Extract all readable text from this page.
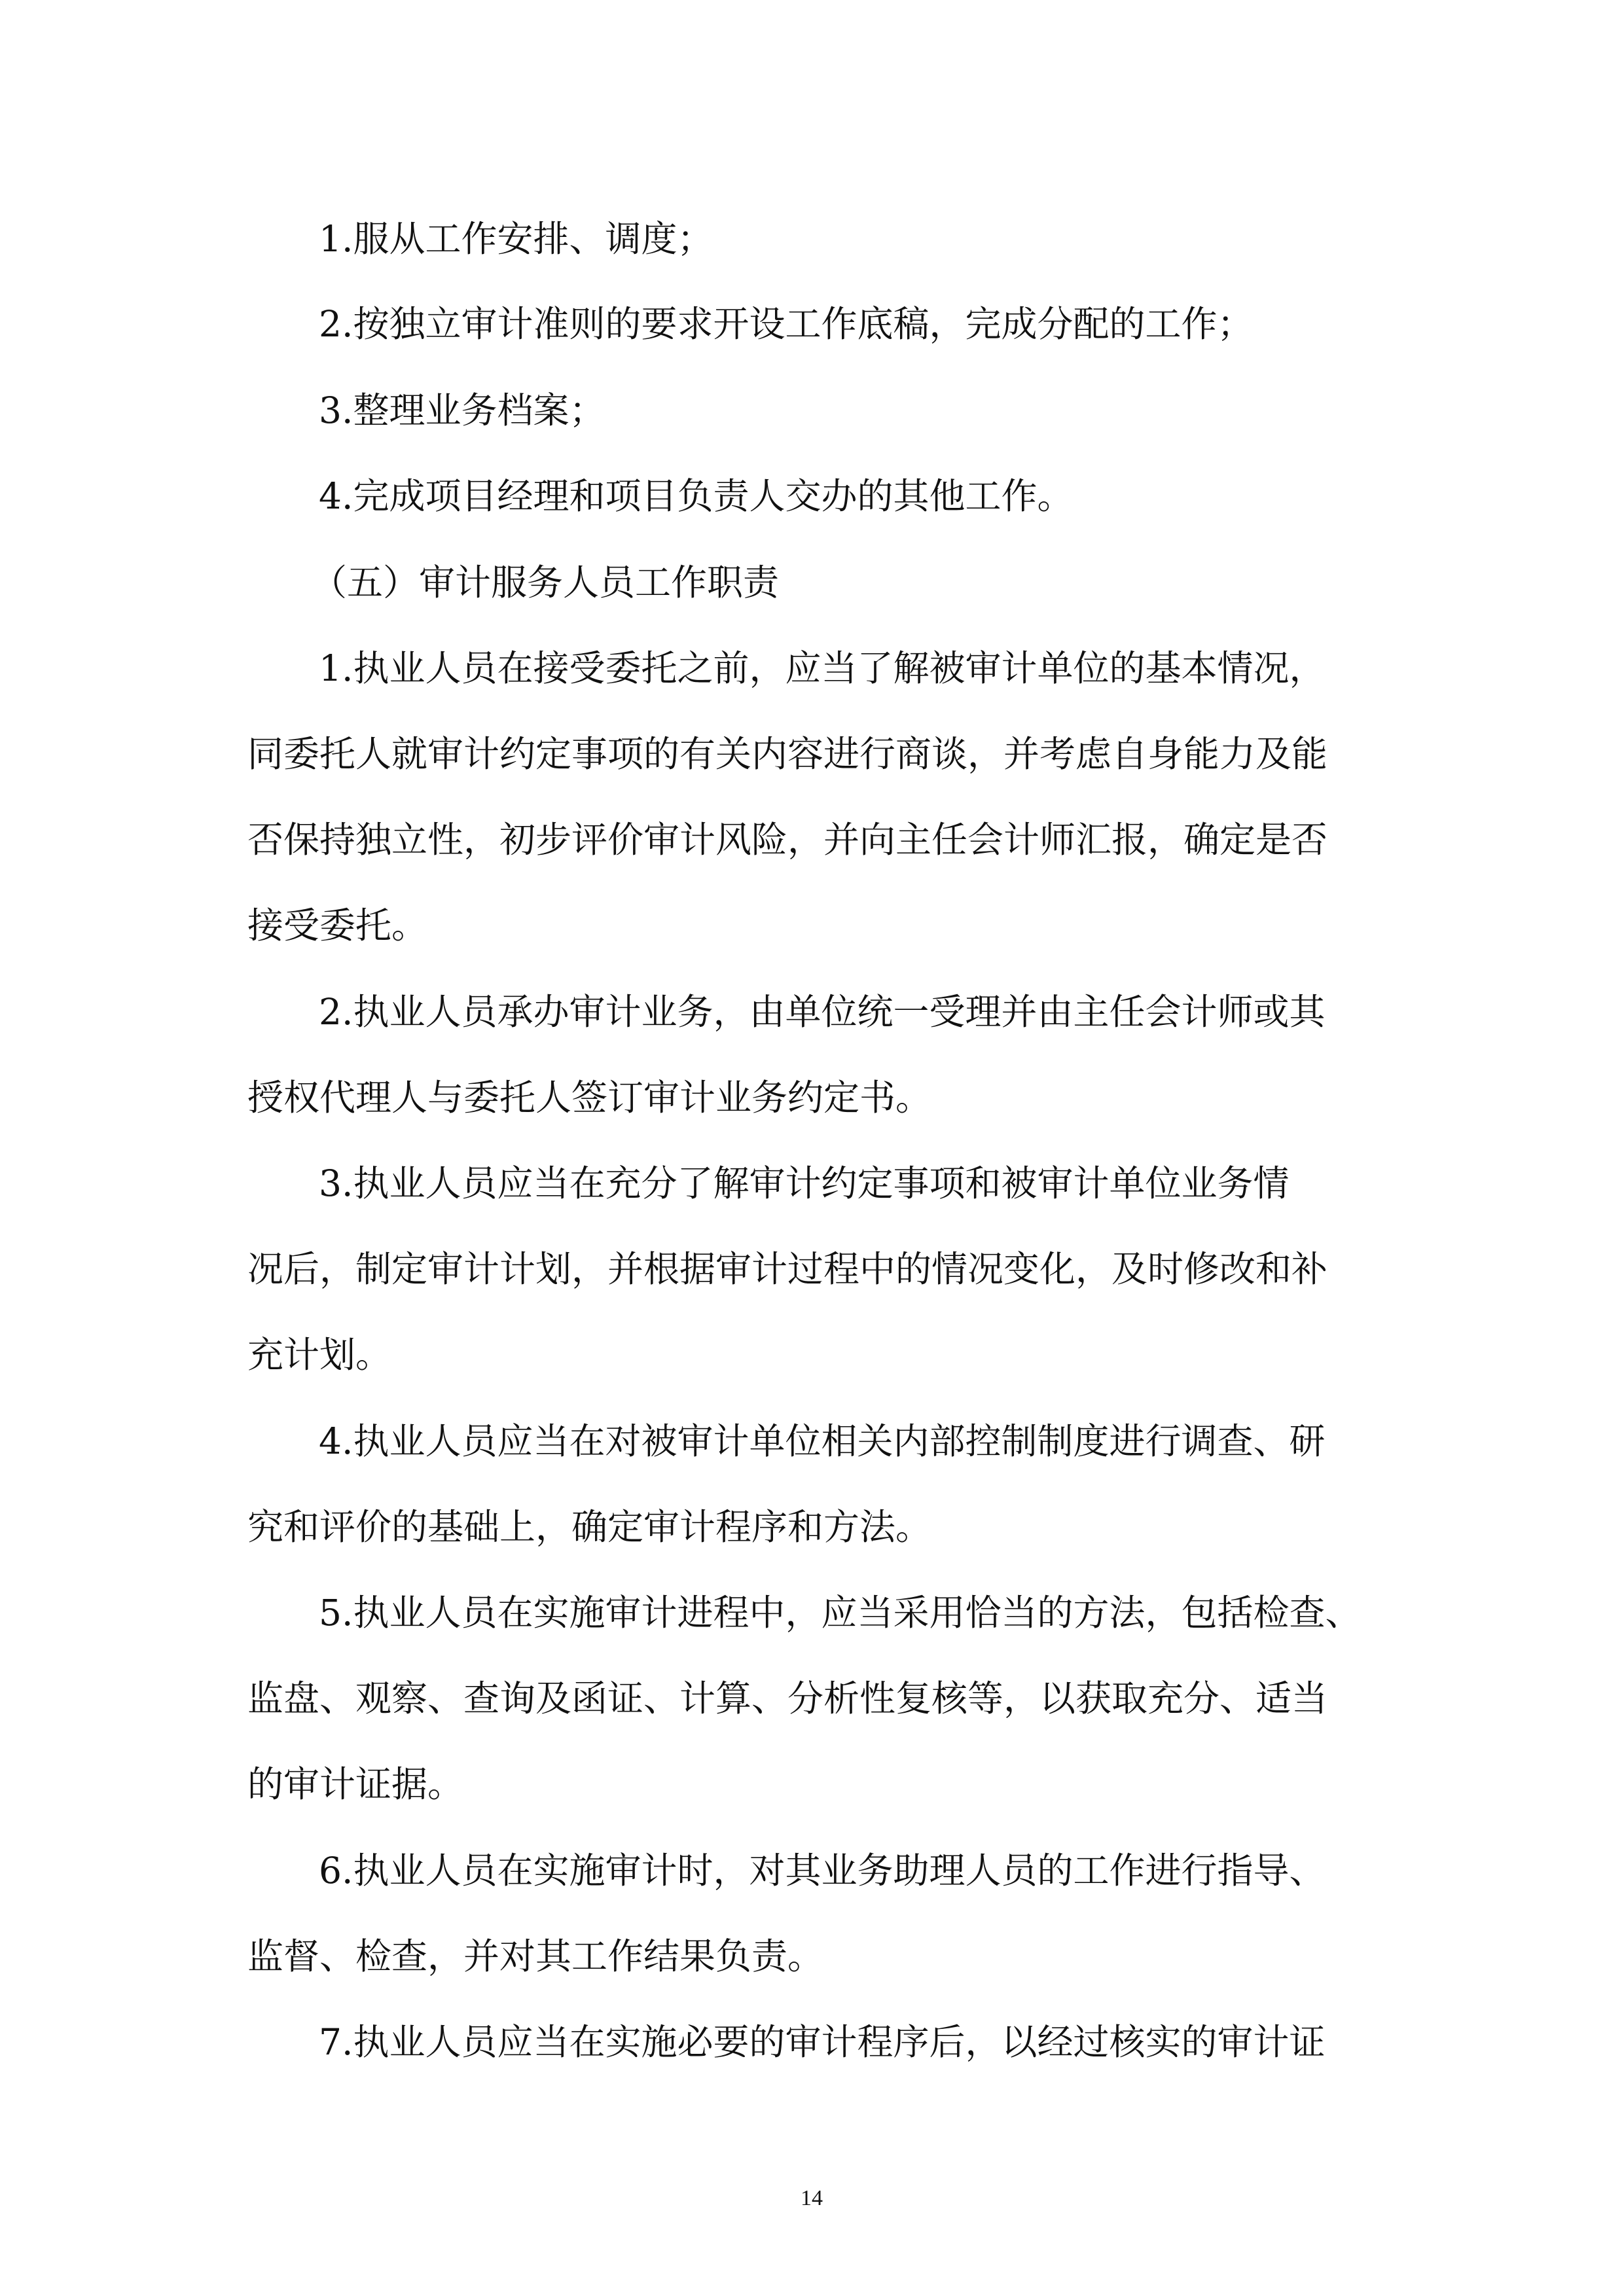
1.服从工作安排、调度；

2.按独立审计准则的要求开设工作底稿，完成分配的工作；

3.整理业务档案；

4.完成项目经理和项目负责人交办的其他工作。

（五）审计服务人员工作职责

1.执业人员在接受委托之前，应当了解被审计单位的基本情况，

同委托人就审计约定事项的有关内容进行商谈，并考虑自身能力及能

否保持独立性，初步评价审计风险，并向主任会计师汇报，确定是否

接受委托。

2.执业人员承办审计业务，由单位统一受理并由主任会计师或其

授权代理人与委托人签订审计业务约定书。

3.执业人员应当在充分了解审计约定事项和被审计单位业务情

况后，制定审计计划，并根据审计过程中的情况变化，及时修改和补

充计划。

4.执业人员应当在对被审计单位相关内部控制制度进行调查、研

究和评价的基础上，确定审计程序和方法。

5.执业人员在实施审计进程中，应当采用恰当的方法，包括检查、

监盘、观察、查询及函证、计算、分析性复核等，以获取充分、适当

的审计证据。

6.执业人员在实施审计时，对其业务助理人员的工作进行指导、

监督、检查，并对其工作结果负责。

7.执业人员应当在实施必要的审计程序后，以经过核实的审计证

14
